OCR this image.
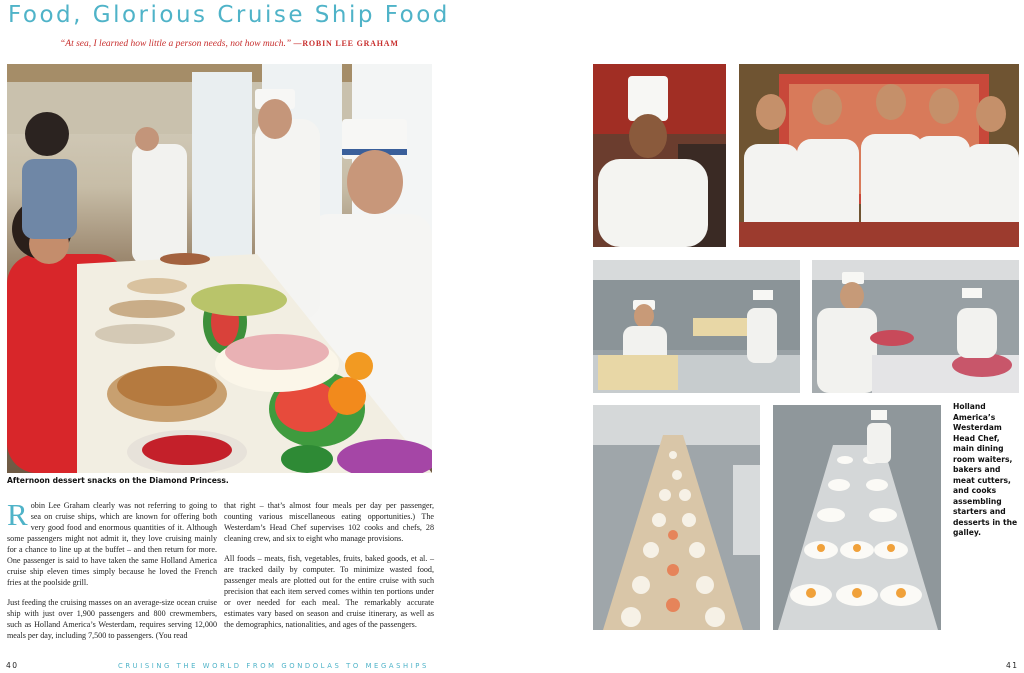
Food, Glorious Cruise Ship Food
“At sea, I learned how little a person needs, not how much.” —ROBIN LEE GRAHAM
Afternoon dessert snacks on the Diamond Princess.

Robin Lee Graham clearly was not referring to going to sea on cruise ships, which are known for offering both very good food and enormous quantities of it. Although some passengers might not admit it, they love cruising mainly for a chance to line up at the buffet – and then return for more. One passenger is said to have taken the same Holland America cruise ship eleven times simply because he loved the French fries at the poolside grill.

Just feeding the cruising masses on an average-size ocean cruise ship with just over 1,900 passengers and 800 crewmembers, such as Holland America’s Westerdam, requires serving 12,000 meals per day, including 7,500 to passengers. (You read

that right – that’s almost four meals per day per passenger, counting various miscellaneous eating opportunities.) The Westerdam’s Head Chef supervises 102 cooks and chefs, 28 cleaning crew, and six to eight who manage provisions.

All foods – meats, fish, vegetables, fruits, baked goods, et al. – are tracked daily by computer. To minimize wasted food, passenger meals are plotted out for the entire cruise with such precision that each item served comes within ten portions under or over needed for each meal. The remarkably accurate estimates vary based on season and cruise itinerary, as well as the demographics, nationalities, and ages of the passengers.

Holland America’s Westerdam Head Chef, main dining room waiters, bakers and meat cutters, and cooks assembling starters and desserts in the galley.
40	CRUISING THE WORLD FROM GONDOLAS TO MEGASHIPS	41
